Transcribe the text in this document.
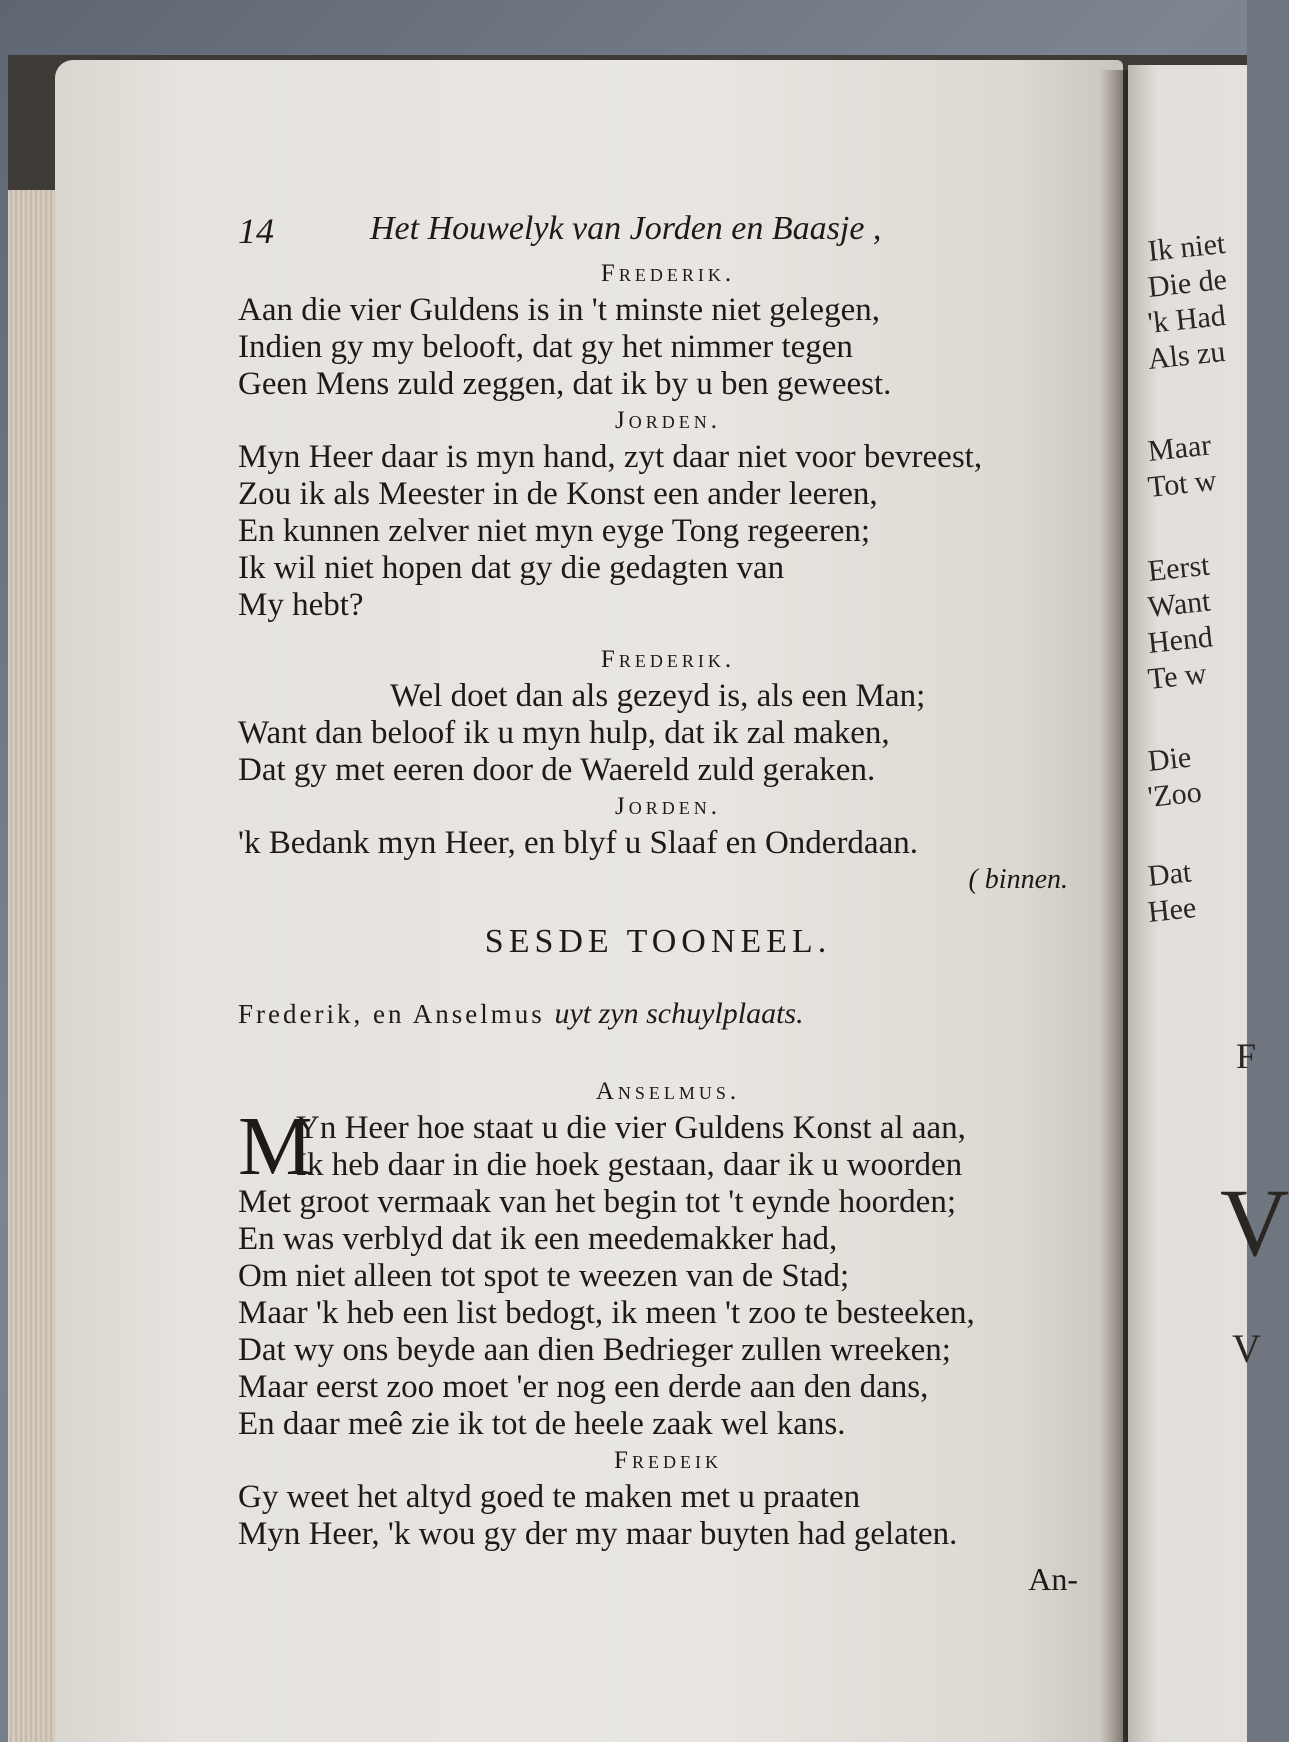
Ik niet
Die de
'k Had
Als zu
Maar
Tot w
Eerst
Want
Hend
Te w
Die
'Zoo
Dat
Hee
F
V
V
14	Het Houwelyk van Jorden en Baasje ,
Frederik.
Aan die vier Guldens is in 't minste niet gelegen,
Indien gy my belooft, dat gy het nimmer tegen
Geen Mens zuld zeggen, dat ik by u ben geweest.
Jorden.
Myn Heer daar is myn hand, zyt daar niet voor bevreest,
Zou ik als Meester in de Konst een ander leeren,
En kunnen zelver niet myn eyge Tong regeeren;
Ik wil niet hopen dat gy die gedagten van
My hebt?
Frederik.
Wel doet dan als gezeyd is, als een Man;
Want dan beloof ik u myn hulp, dat ik zal maken,
Dat gy met eeren door de Waereld zuld geraken.
Jorden.
'k Bedank myn Heer, en blyf u Slaaf en Onderdaan.
( binnen.
SESDE TOONEEL.
Frederik, en Anselmus uyt zyn schuylplaats.
Anselmus.
M
Yn Heer hoe staat u die vier Guldens Konst al aan,
Ik heb daar in die hoek gestaan, daar ik u woorden
Met groot vermaak van het begin tot 't eynde hoorden;
En was verblyd dat ik een meedemakker had,
Om niet alleen tot spot te weezen van de Stad;
Maar 'k heb een list bedogt, ik meen 't zoo te besteeken,
Dat wy ons beyde aan dien Bedrieger zullen wreeken;
Maar eerst zoo moet 'er nog een derde aan den dans,
En daar meê zie ik tot de heele zaak wel kans.
Fredeik
Gy weet het altyd goed te maken met u praaten
Myn Heer, 'k wou gy der my maar buyten had gelaten.
An-
